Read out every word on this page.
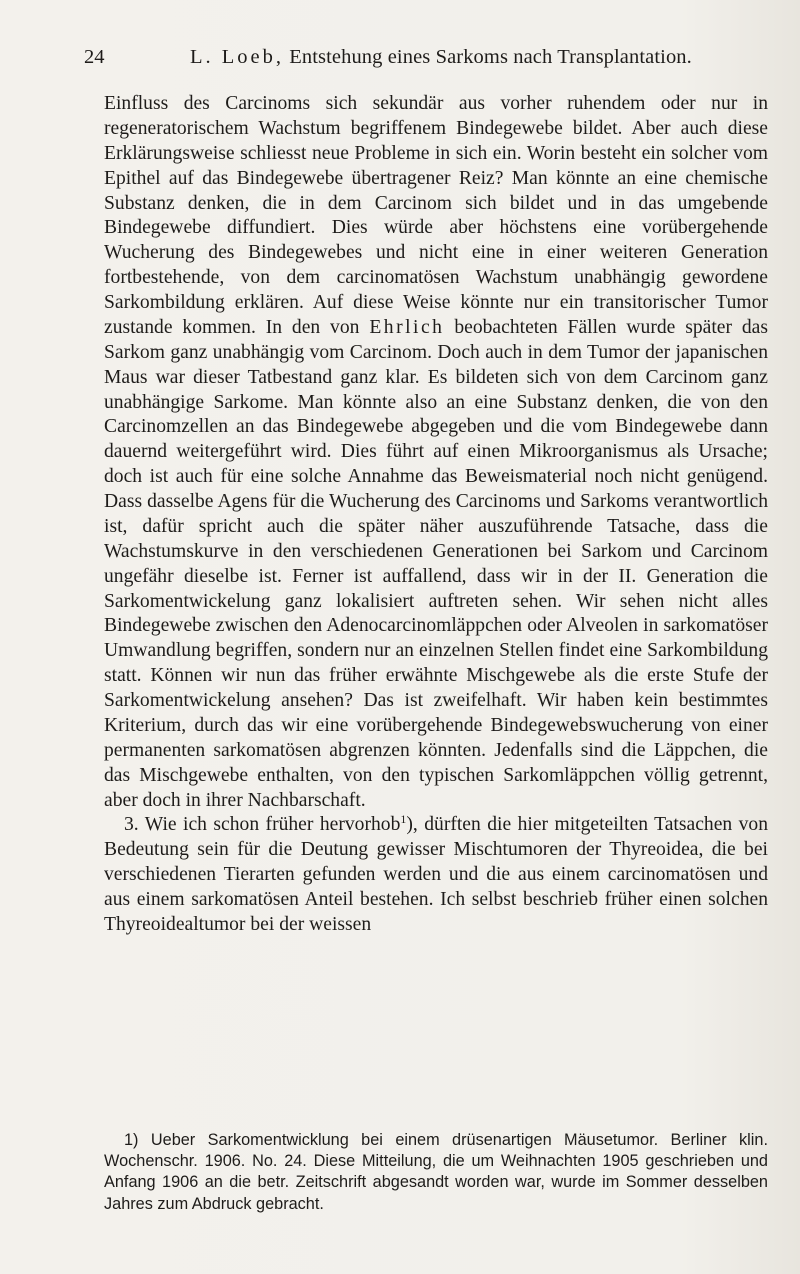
24	L. Loeb, Entstehung eines Sarkoms nach Transplantation.

Einfluss des Carcinoms sich sekundär aus vorher ruhendem oder nur in regeneratorischem Wachstum begriffenem Bindegewebe bildet. Aber auch diese Erklärungsweise schliesst neue Probleme in sich ein. Worin besteht ein solcher vom Epithel auf das Bindegewebe übertragener Reiz? Man könnte an eine chemische Substanz denken, die in dem Carcinom sich bildet und in das umgebende Bindegewebe diffundiert. Dies würde aber höchstens eine vorübergehende Wucherung des Bindegewebes und nicht eine in einer weiteren Generation fortbestehende, von dem carcinomatösen Wachstum unabhängig gewordene Sarkombildung erklären. Auf diese Weise könnte nur ein transitorischer Tumor zustande kommen. In den von Ehrlich beobachteten Fällen wurde später das Sarkom ganz unabhängig vom Carcinom. Doch auch in dem Tumor der japanischen Maus war dieser Tatbestand ganz klar. Es bildeten sich von dem Carcinom ganz unabhängige Sarkome. Man könnte also an eine Substanz denken, die von den Carcinomzellen an das Bindegewebe abgegeben und die vom Bindegewebe dann dauernd weitergeführt wird. Dies führt auf einen Mikroorganismus als Ursache; doch ist auch für eine solche Annahme das Beweismaterial noch nicht genügend. Dass dasselbe Agens für die Wucherung des Carcinoms und Sarkoms verantwortlich ist, dafür spricht auch die später näher auszuführende Tatsache, dass die Wachstumskurve in den verschiedenen Generationen bei Sarkom und Carcinom ungefähr dieselbe ist. Ferner ist auffallend, dass wir in der II. Generation die Sarkomentwickelung ganz lokalisiert auftreten sehen. Wir sehen nicht alles Bindegewebe zwischen den Adenocarcinomläppchen oder Alveolen in sarkomatöser Umwandlung begriffen, sondern nur an einzelnen Stellen findet eine Sarkombildung statt. Können wir nun das früher erwähnte Mischgewebe als die erste Stufe der Sarkomentwickelung ansehen? Das ist zweifelhaft. Wir haben kein bestimmtes Kriterium, durch das wir eine vorübergehende Bindegewebswucherung von einer permanenten sarkomatösen abgrenzen könnten. Jedenfalls sind die Läppchen, die das Mischgewebe enthalten, von den typischen Sarkomläppchen völlig getrennt, aber doch in ihrer Nachbarschaft.

3. Wie ich schon früher hervorhob$^1$), dürften die hier mitgeteilten Tatsachen von Bedeutung sein für die Deutung gewisser Mischtumoren der Thyreoidea, die bei verschiedenen Tierarten gefunden werden und die aus einem carcinomatösen und aus einem sarkomatösen Anteil bestehen. Ich selbst beschrieb früher einen solchen Thyreoidealtumor bei der weissen

1) Ueber Sarkomentwicklung bei einem drüsenartigen Mäusetumor. Berliner klin. Wochenschr. 1906. No. 24. Diese Mitteilung, die um Weihnachten 1905 geschrieben und Anfang 1906 an die betr. Zeitschrift abgesandt worden war, wurde im Sommer desselben Jahres zum Abdruck gebracht.
